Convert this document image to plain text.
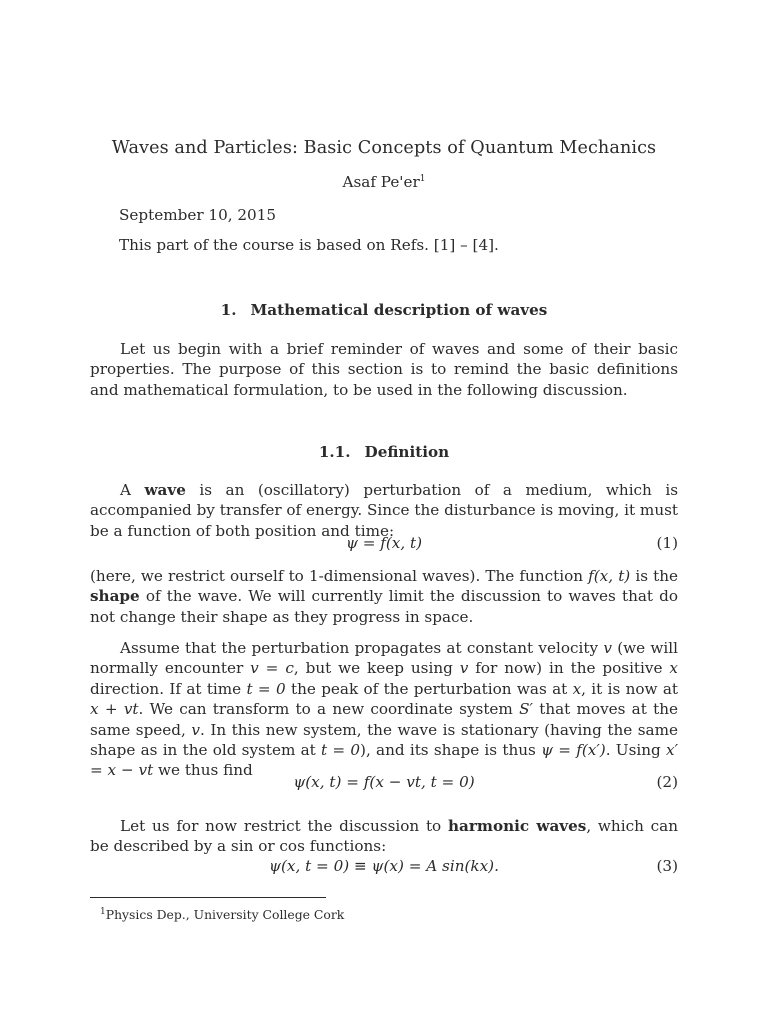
Waves and Particles: Basic Concepts of Quantum Mechanics
Asaf $Pe'er^1$
September 10, 2015
This part of the course is based on Refs. [1] – [4].
1. Mathematical description of waves

Let us begin with a brief reminder of waves and some of their basic properties. The purpose of this section is to remind the basic definitions and mathematical formulation, to be used in the following discussion.

1.1. Definition

A wave is an (oscillatory) perturbation of a medium, which is accompanied by transfer of energy. Since the disturbance is moving, it must be a function of both position and time:

ψ = f(x, t)	(1)

(here, we restrict ourself to 1-dimensional waves). The function f(x, t) is the shape of the wave. We will currently limit the discussion to waves that do not change their shape as they progress in space.

Assume that the perturbation propagates at constant velocity v (we will normally encounter v = c, but we keep using v for now) in the positive x direction. If at time t = 0 the peak of the perturbation was at x, it is now at x + vt. We can transform to a new coordinate system S′ that moves at the same speed, v. In this new system, the wave is stationary (having the same shape as in the old system at t = 0), and its shape is thus ψ = f(x′). Using x′ = x − vt we thus find

ψ(x, t) = f(x − vt, t = 0)	(2)

Let us for now restrict the discussion to harmonic waves, which can be described by a sin or cos functions:

ψ(x, t = 0) ≡ ψ(x) = A sin(kx).	(3)
$^1$Physics Dep., University College Cork
